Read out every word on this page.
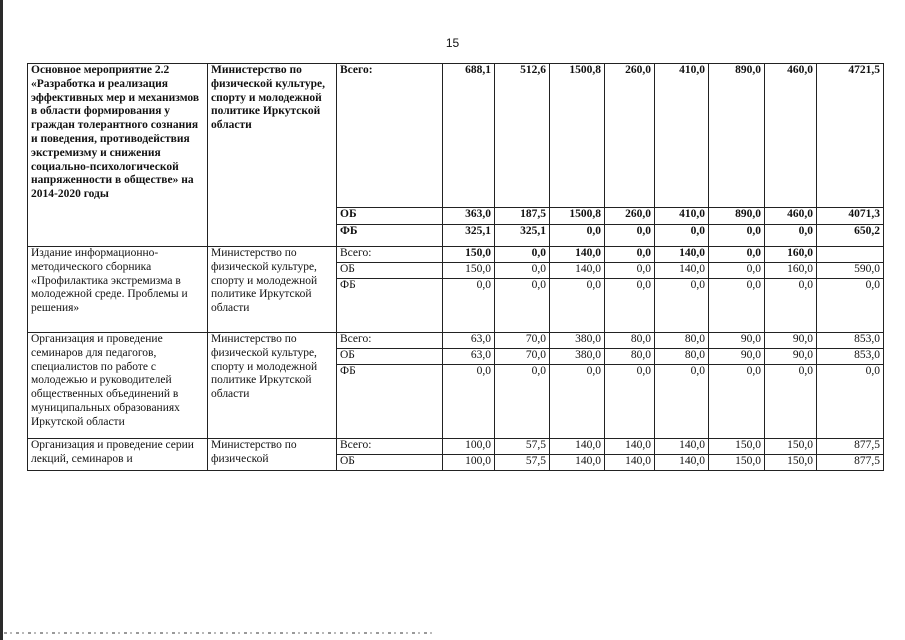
15
Основное мероприятие 2.2 «Разработка и реализация эффективных мер и механизмов в области формирования у граждан толерантного сознания и поведения, противодействия экстремизму и снижения социально-психологической напряженности в обществе» на 2014-2020 годы	Министерство по физической культуре, спорту и молодежной политике Иркутской области	Всего:	688,1	512,6	1500,8	260,0	410,0	890,0	460,0	4721,5
		ОБ	363,0	187,5	1500,8	260,0	410,0	890,0	460,0	4071,3
		ФБ	325,1	325,1	0,0	0,0	0,0	0,0	0,0	650,2
Издание информационно-методического сборника «Профилактика экстремизма в молодежной среде. Проблемы и решения»	Министерство по физической культуре, спорту и молодежной политике Иркутской области	Всего:	150,0	0,0	140,0	0,0	140,0	0,0	160,0	
		ОБ	150,0	0,0	140,0	0,0	140,0	0,0	160,0	590,0
		ФБ	0,0	0,0	0,0	0,0	0,0	0,0	0,0	0,0
Организация и проведение семинаров для педагогов, специалистов по работе с молодежью и руководителей общественных объединений в муниципальных образованиях Иркутской области	Министерство по физической культуре, спорту и молодежной политике Иркутской области	Всего:	63,0	70,0	380,0	80,0	80,0	90,0	90,0	853,0
		ОБ	63,0	70,0	380,0	80,0	80,0	90,0	90,0	853,0
		ФБ	0,0	0,0	0,0	0,0	0,0	0,0	0,0	0,0
Организация и проведение серии лекций, семинаров и	Министерство по физической	Всего:	100,0	57,5	140,0	140,0	140,0	150,0	150,0	877,5
		ОБ	100,0	57,5	140,0	140,0	140,0	150,0	150,0	877,5
